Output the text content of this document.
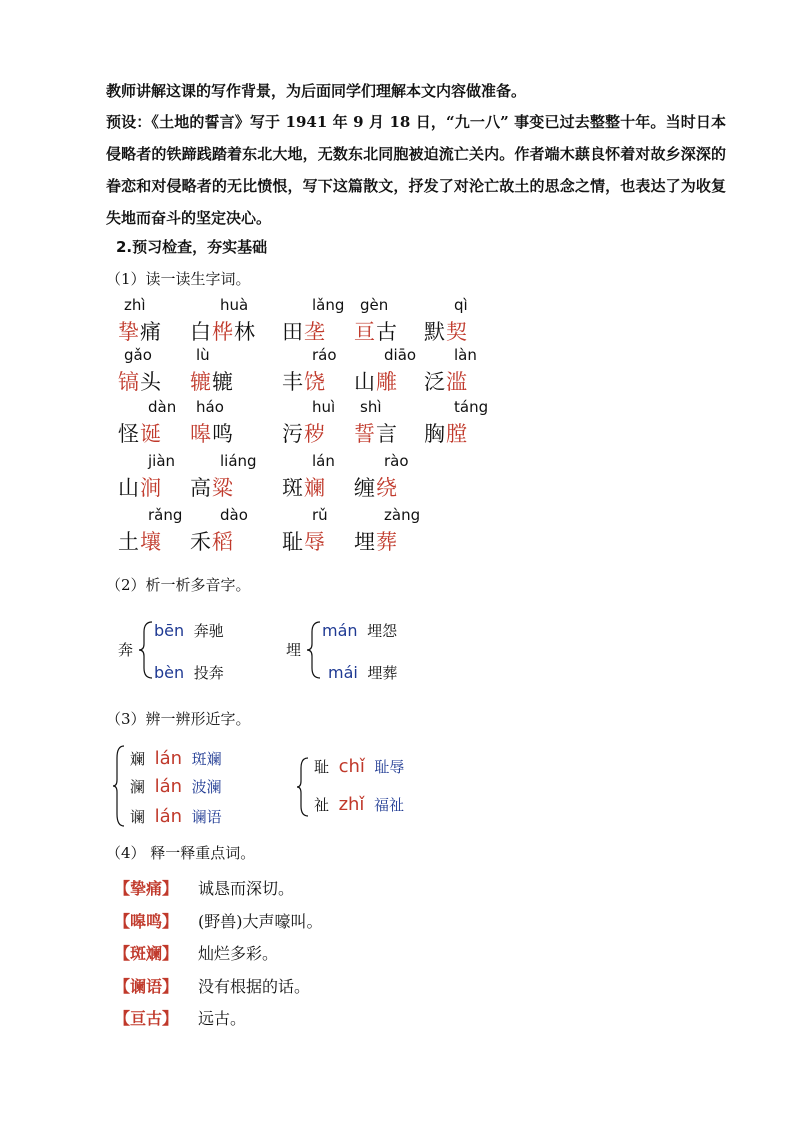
教师讲解这课的写作背景，为后面同学们理解本文内容做准备。
预设：《土地的誓言》写于 1941 年 9 月 18 日，“九一八” 事变已过去整整十年。当时日本侵略者的铁蹄践踏着东北大地，无数东北同胞被迫流亡关内。作者端木蕻良怀着对故乡深深的眷恋和对侵略者的无比愤恨，写下这篇散文，抒发了对沦亡故土的思念之情，也表达了为收复失地而奋斗的坚定决心。
2.预习检查，夯实基础
（1）读一读生字词。
zhì
挚痛
huà
白桦林
lǎng
田垄
gèn
亘古
qì
默契
gǎo
镐头
lù
辘辘
ráo
丰饶
diāo
山雕
làn
泛滥
dàn
怪诞
háo
嗥鸣
huì
污秽
shì
誓言
táng
胸膛
jiàn
山涧
liáng
高粱
lán
斑斓
rào
缠绕
rǎng
土壤
dào
禾稻
rǔ
耻辱
zàng
埋葬
（2）析一析多音字。
奔
bēn 奔驰
bèn 投奔
埋
mán 埋怨
mái 埋葬
（3）辨一辨形近字。
斓 lán 斑斓
澜 lán 波澜
谰 lán 谰语
耻 chǐ 耻辱
祉 zhǐ 福祉
（4） 释一释重点词。
【挚痛】 诚恳而深切。
【嗥鸣】 (野兽)大声嚎叫。
【斑斓】 灿烂多彩。
【谰语】 没有根据的话。
【亘古】 远古。
